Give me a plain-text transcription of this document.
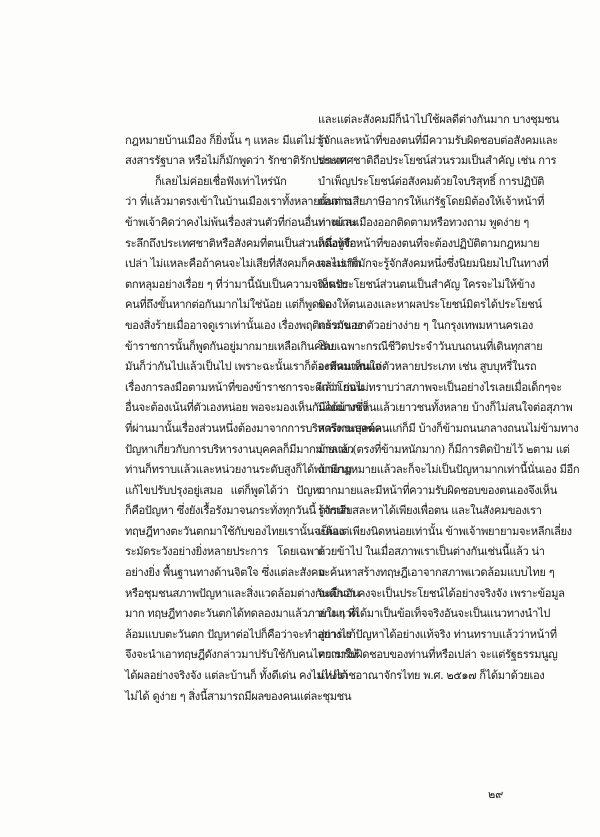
กฎหมายบ้านเมือง ก็ยิ่งนั้น ๆ แหละ มีแต่ไม่ว่า
สงสารรัฐบาล หรือไม่ก็มักพูดว่า รักชาติรักประเทศ
ก็เลยไม่ค่อยเชื่อฟังเท่าไหร่นัก
ว่า ที่แล้วมาตรงเข้าในบ้านเมืองเราทั้งหลายนั้นต่าง
ข้าพเจ้าคิดว่าคงไม่พ้นเรื่องส่วนตัวที่ก่อนอื่นท่านและ
ระลึกถึงประเทศชาติหรือสังคมที่ตนเป็นส่วนหนึ่งหรือ
เปล่า ไม่แหละคือถ้าคนจะไม่เสียที่สังคมก็คงจะไม่เกิด
ตกหลุมอย่างเรื่อย ๆ ที่ว่ามานี้นับเป็นความจริงครับ
คนที่ถึงขั้นหากต่อกันมากไม่ใช่น้อย แต่ก็พูดผิด
ของสิ่งร้ายเมื่ออาจดูเราเท่านั้นเอง เรื่องพฤติกรรมของ
ข้าราชการนั้นก็พูดกันอยู่มากมายเหลือเกินครับ
มันก็ว่ากันไปแล้วเป็นไป เพราะฉะนั้นเราก็ต้องหันมาสนใจ
เรื่องการลงมือตามหน้าที่ของข้าราชการจะดีกว่า ก่อน
อื่นจะต้องเน้นที่ตัวเองหน่อย พอจะมองเห็นกันได้บ้างซึ่ง
ที่ผ่านมานั้นเรื่องส่วนหนึ่งต้องมาจากการบริหารงานบุคคล
ปัญหาเกี่ยวกับการบริหารงานบุคคลก็มีมากมายแล้ว
ท่านก็ทราบแล้วและหน่วยงานระดับสูงก็ได้พยายาม
แก้ไขปรับปรุงอยู่เสมอ แต่ก็พูดได้ว่า ปัญหา
ก็คือปัญหา ซึ่งยังเรื้อรังมาจนกระทั่งทุกวันนี้ การนำ
ทฤษฎีทางตะวันตกมาใช้กับของไทยเรานั้นจะต้อง
ระมัดระวังอย่างยิ่งหลายประการ โดยเฉพาะ
อย่างยิ่ง พื้นฐานทางด้านจิตใจ ซึ่งแต่ละสังคม
หรือชุมชนสภาพปัญหาและสิ่งแวดล้อมต่างกันเป็นอัน
มาก ทฤษฎีทางตะวันตกได้ทดลองมาแล้วภายในแวด
ล้อมแบบตะวันตก ปัญหาต่อไปก็คือว่าจะทำอย่างไร
จึงจะนำเอาทฤษฎีดังกล่าวมาปรับใช้กับคนไทยเราให้
ได้ผลอย่างจริงจัง แต่ละบ้านก็ ทั้งดีเด่น คงไม่ไปได้
ไม่ได้ ดูง่าย ๆ สิ่งนี้สามารถมีผลของคนแต่ละชุมชน
และแต่ละสังคมมีก็นำไปใช้ผลดีต่างกันมาก บางชุมชน
รู้จักและหน้าที่ของตนที่มีความรับผิดชอบต่อสังคมและ
ประเทศชาติถือประโยชน์ส่วนรวมเป็นสำคัญ เช่น การ
บำเพ็ญประโยชน์ต่อสังคมด้วยใจบริสุทธิ์ การปฏิบัติ
ต่อการเสียภาษีอากรให้แก่รัฐโดยมิต้องให้เจ้าหน้าที่
ทางบ้านเมืองออกติดตามหรือทวงถาม พูดง่าย ๆ
ก็คือรู้จักหน้าที่ของตนที่จะต้องปฏิบัติตามกฎหมาย
และเราก็มักจะรู้จักสังคมหนึ่งซึ่งนิยมนิยมไปในทางที่
เห็นประโยชน์ส่วนตนเป็นสำคัญ ใครจะไม่ให้ข้าง
ของให้ตนเองและหาผลประโยชน์มิตรได้ประโยชน์
แล้วกัน ยกตัวอย่างง่าย ๆ ในกรุงเทพมหานครเอง
โดยเฉพาะกรณีชีวิตประจำวันบนถนนที่เดินทุกสาย
จะมีคนเห็นแก่ตัวหลายประเภท เช่น สูบบุหรี่ในรถ
แล้วโยนไม่ทราบว่าสภาพจะเป็นอย่างไรเลยเมื่อเด็กๆจะ
มีคนมากเห็นแล้วเยาวชนทั้งหลาย บ้างก็ไม่สนใจต่อสุภาพ
สตรีพระสงฆ์คนแก่ก็มี บ้างก็ข้ามถนนกลางถนนไม่ข้ามทาง
ม้าลาย (ตรงที่ข้ามหนักมาก) ก็มีการติดป้ายไว้ ๒ตาม แต่
ถ้ามีกฎหมายแล้วละก็จะไม่เป็นปัญหามากเท่านี้นั่นเอง มีอีก
มากมายและมีหน้าที่ความรับผิดชอบของตนเองจึงเห็น
รู้จักเสียสละหาได้เพียงเพื่อตน และในสังคมของเรา
เป็นแต่เพียงนิดหน่อยเท่านั้น ข้าพเจ้าพยายามจะหลีกเลี่ยง
ด้วยข้าไป ในเมื่อสภาพเราเป็นต่างกันเช่นนี้แล้ว น่า
จะค้นหาสร้างทฤษฎีเอาจากสภาพแวดล้อมแบบไทย ๆ
จะดีกว่า คงจะเป็นประโยชน์ได้อย่างจริงจัง เพราะข้อมูล
ต่าง ๆ ที่ได้มาเป็นข้อเท็จจริงอันจะเป็นแนวทางนำไป
สู่การแก้ปัญหาได้อย่างแท้จริง ท่านทราบแล้วว่าหน้าที่
ความรับผิดชอบของท่านที่หรือเปล่า จะแต่รัฐธรรมนูญ
แห่งราชอาณาจักรไทย พ.ศ. ๒๕๑๗ ก็ได้มาด้วยเอง
๒๙
